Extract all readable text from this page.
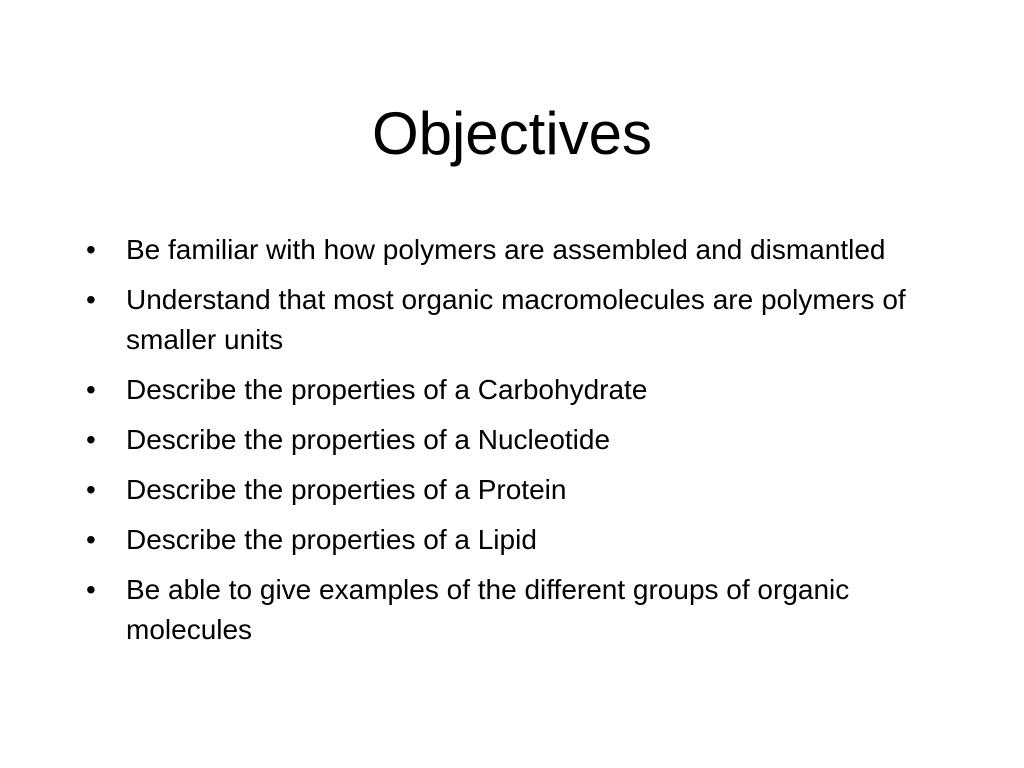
Objectives
•	Be familiar with how polymers are assembled and dismantled
•	Understand that most organic macromolecules are polymers of smaller units
•	Describe the properties of a Carbohydrate
•	Describe the properties of a Nucleotide
•	Describe the properties of a Protein
•	Describe the properties of a Lipid
•	Be able to give examples of the different groups of organic molecules
